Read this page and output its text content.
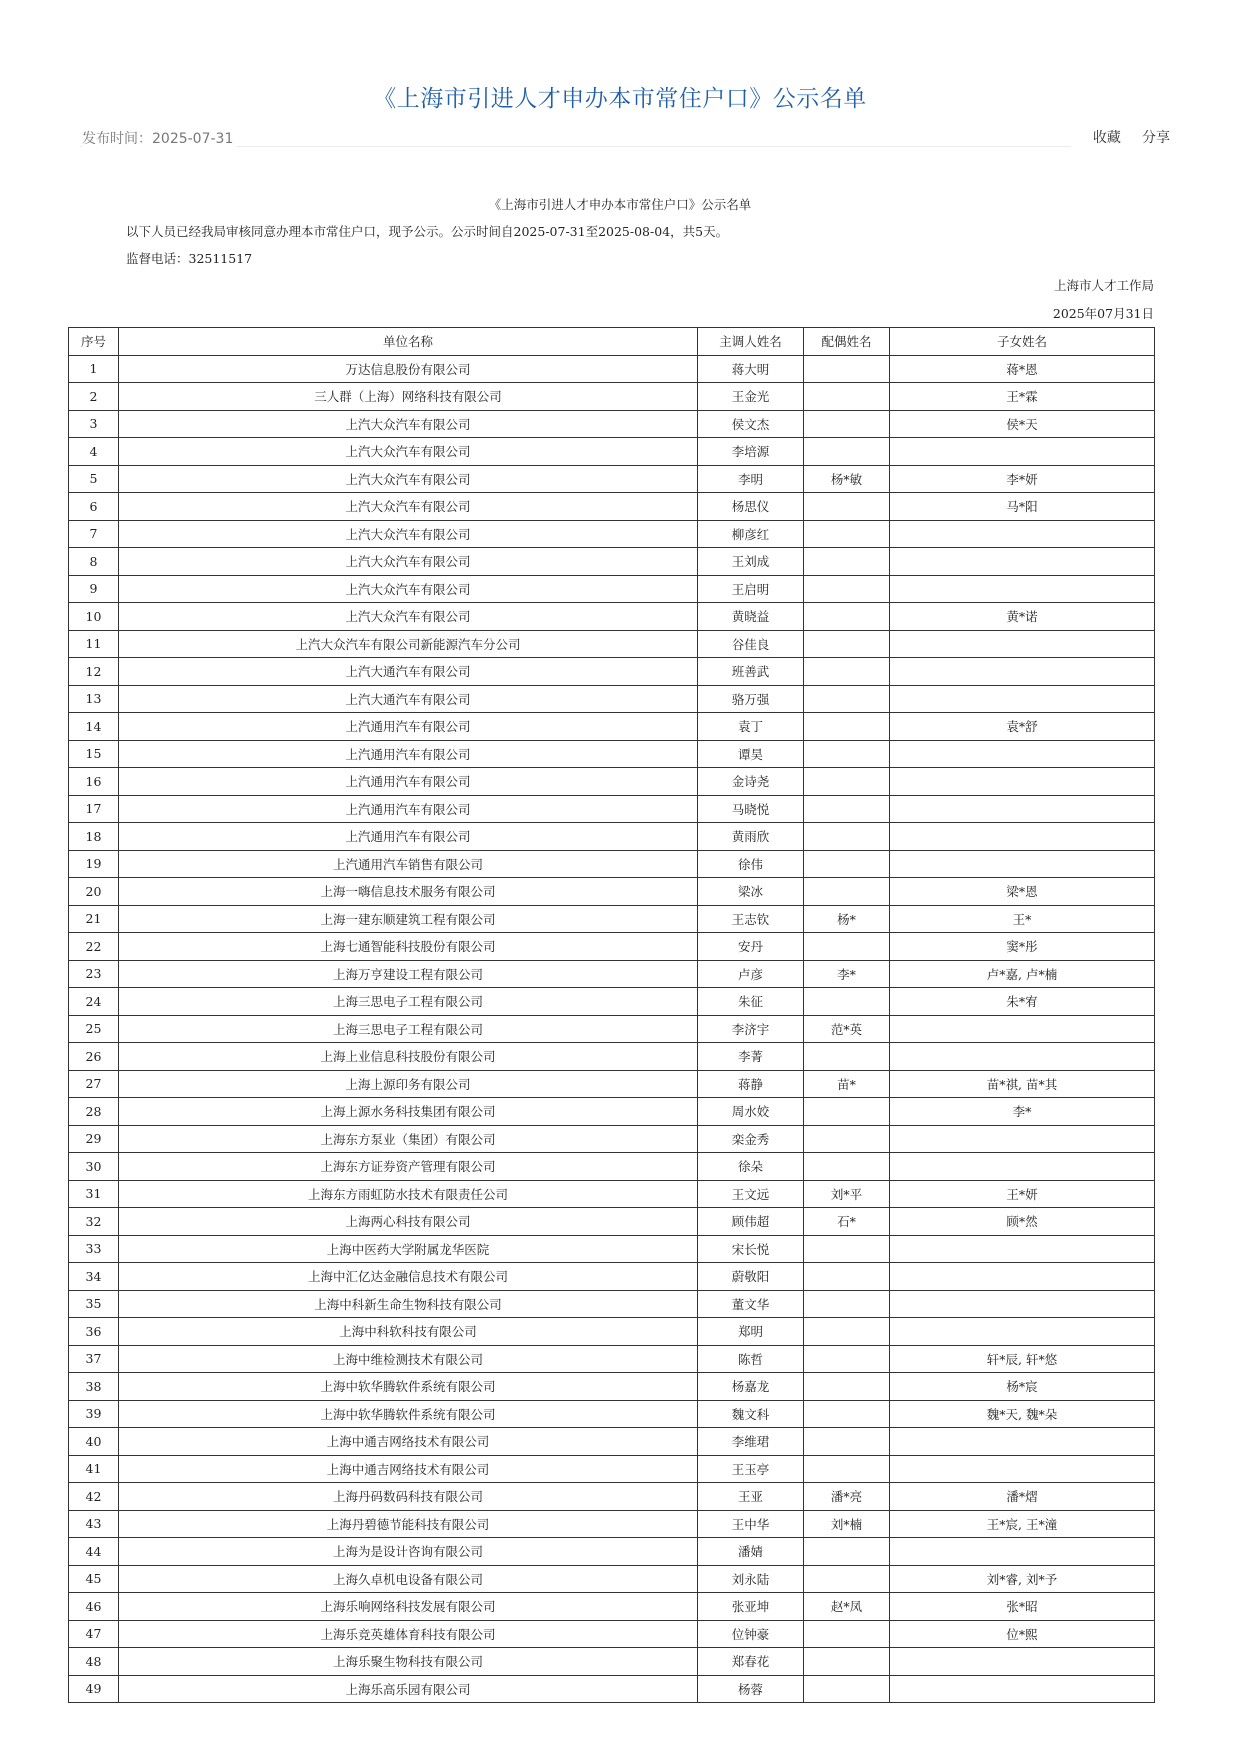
《上海市引进人才申办本市常住户口》公示名单
发布时间：2025-07-31	收藏 分享
《上海市引进人才申办本市常住户口》公示名单
以下人员已经我局审核同意办理本市常住户口，现予公示。公示时间自2025-07-31至2025-08-04，共5天。
监督电话：32511517
上海市人才工作局
2025年07月31日
序号	单位名称	主调人姓名	配偶姓名	子女姓名
1	万达信息股份有限公司	蒋大明		蒋*恩
2	三人群（上海）网络科技有限公司	王金光		王*霖
3	上汽大众汽车有限公司	侯文杰		侯*天
4	上汽大众汽车有限公司	李培源		
5	上汽大众汽车有限公司	李明	杨*敏	李*妍
6	上汽大众汽车有限公司	杨思仪		马*阳
7	上汽大众汽车有限公司	柳彦红		
8	上汽大众汽车有限公司	王刘成		
9	上汽大众汽车有限公司	王启明		
10	上汽大众汽车有限公司	黄晓益		黄*诺
11	上汽大众汽车有限公司新能源汽车分公司	谷佳良		
12	上汽大通汽车有限公司	班善武		
13	上汽大通汽车有限公司	骆万强		
14	上汽通用汽车有限公司	袁丁		袁*舒
15	上汽通用汽车有限公司	谭昊		
16	上汽通用汽车有限公司	金诗尧		
17	上汽通用汽车有限公司	马晓悦		
18	上汽通用汽车有限公司	黄雨欣		
19	上汽通用汽车销售有限公司	徐伟		
20	上海一嗨信息技术服务有限公司	梁冰		梁*恩
21	上海一建东顺建筑工程有限公司	王志钦	杨*	王*
22	上海七通智能科技股份有限公司	安丹		窦*彤
23	上海万亨建设工程有限公司	卢彦	李*	卢*嘉, 卢*楠
24	上海三思电子工程有限公司	朱征		朱*宥
25	上海三思电子工程有限公司	李济宇	范*英	
26	上海上业信息科技股份有限公司	李菁		
27	上海上源印务有限公司	蒋静	苗*	苗*祺, 苗*其
28	上海上源水务科技集团有限公司	周水姣		李*
29	上海东方泵业（集团）有限公司	栾金秀		
30	上海东方证券资产管理有限公司	徐朵		
31	上海东方雨虹防水技术有限责任公司	王文远	刘*平	王*妍
32	上海两心科技有限公司	顾伟超	石*	顾*然
33	上海中医药大学附属龙华医院	宋长悦		
34	上海中汇亿达金融信息技术有限公司	蔚敬阳		
35	上海中科新生命生物科技有限公司	董文华		
36	上海中科软科技有限公司	郑明		
37	上海中维检测技术有限公司	陈哲		轩*辰, 轩*悠
38	上海中软华腾软件系统有限公司	杨嘉龙		杨*宸
39	上海中软华腾软件系统有限公司	魏文科		魏*天, 魏*朵
40	上海中通吉网络技术有限公司	李维珺		
41	上海中通吉网络技术有限公司	王玉亭		
42	上海丹码数码科技有限公司	王亚	潘*亮	潘*熠
43	上海丹碧德节能科技有限公司	王中华	刘*楠	王*宸, 王*潼
44	上海为是设计咨询有限公司	潘婧		
45	上海久卓机电设备有限公司	刘永陆		刘*睿, 刘*予
46	上海乐响网络科技发展有限公司	张亚坤	赵*凤	张*昭
47	上海乐竞英雄体育科技有限公司	位钟豪		位*熙
48	上海乐聚生物科技有限公司	郑春花		
49	上海乐高乐园有限公司	杨蓉		
